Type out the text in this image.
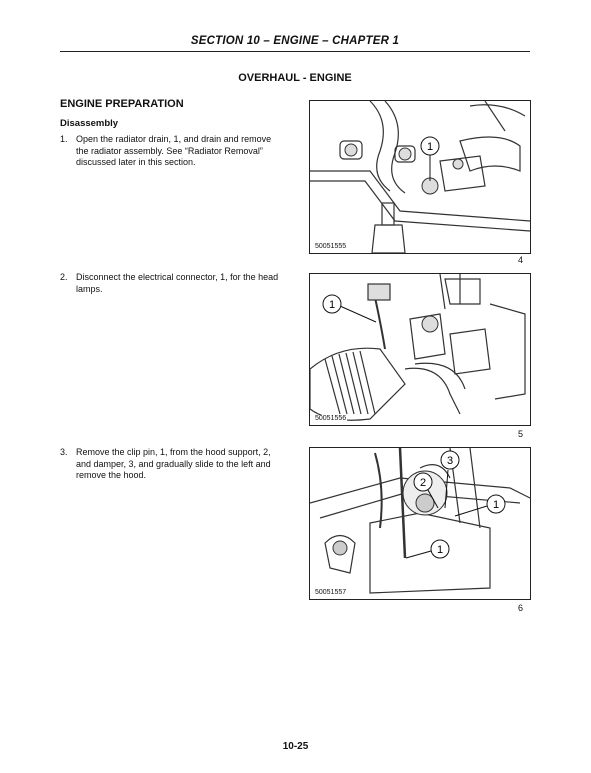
SECTION 10 – ENGINE – CHAPTER 1
OVERHAUL - ENGINE
ENGINE PREPARATION
Disassembly
1. Open the radiator drain, 1, and drain and remove the radiator assembly. See “Radiator Removal” discussed later in this section.
2. Disconnect the electrical connector, 1, for the head lamps.
3. Remove the clip pin, 1, from the hood support, 2, and damper, 3, and gradually slide to the left and remove the hood.
1
50051555
4
1
50051556
5
3
2
1
1
50051557
6
10-25
